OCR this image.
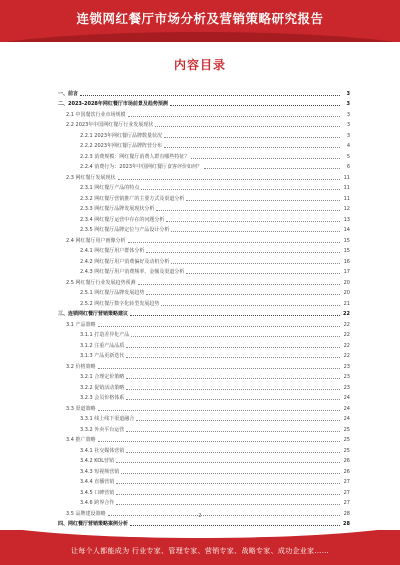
连锁网红餐厅市场分析及营销策略研究报告
内容目录
一、前言	3
二、2023-2028年网红餐厅市场前景及趋势预测	3
2.1 中国餐饮行业市场规模	3
2.2 2023年中国网红餐厅行业发展现状	3
2.2.1 2023年网红餐厅品牌数量状况	3
2.2.2 2023年网红餐厅品牌阵营分布	4
2.2.3 消费规模：网红餐厅消费人群有哪些特征？	5
2.2.4 消费行为：2023年中国网红餐厅食客评价如何？	6
2.3 网红餐厅发展现状	11
2.3.1 网红餐厅产品的特点	11
2.3.2 网红餐厅营销推广的主要方式及渠道分析	11
2.3.3 网红餐厅品牌发展现状分析	12
2.3.4 网红餐厅运营中存在的问题分析	13
2.3.5 网红餐厅品牌定位与产品设计分析	14
2.4 网红餐厅用户画像分析	15
2.4.1 网红餐厅用户群体分析	15
2.4.2 网红餐厅用户消费偏好及动机分析	16
2.4.3 网红餐厅用户消费频率、金额及渠道分析	17
2.5 网红餐厅行业发展趋势预测	20
2.5.1 网红餐厅品牌发展趋势	20
2.5.2 网红餐厅数字化转型发展趋势	21
三、连锁网红餐厅营销策略建议	22
3.1 产品策略	22
3.1.1 打造差异化产品	22
3.1.2 注重产品品质	22
3.1.3 产品更新迭代	22
3.2 价格策略	23
3.2.1 合理定价策略	23
3.2.2 促销活动策略	23
3.2.3 会员价格体系	24
3.3 渠道策略	24
3.3.1 线上线下渠道融合	24
3.3.2 外卖平台运营	25
3.4 推广策略	25
3.4.1 社交媒体营销	25
3.4.2 KOL营销	26
3.4.3 短视频营销	26
3.4.4 直播营销	27
3.4.5 口碑营销	27
3.4.6 跨界合作	27
3.5 品牌建设策略	28
四、网红餐厅营销策略案例分析	28
2
让每个人都能成为 行业专家、管理专家、营销专家、战略专家、成功企业家……
